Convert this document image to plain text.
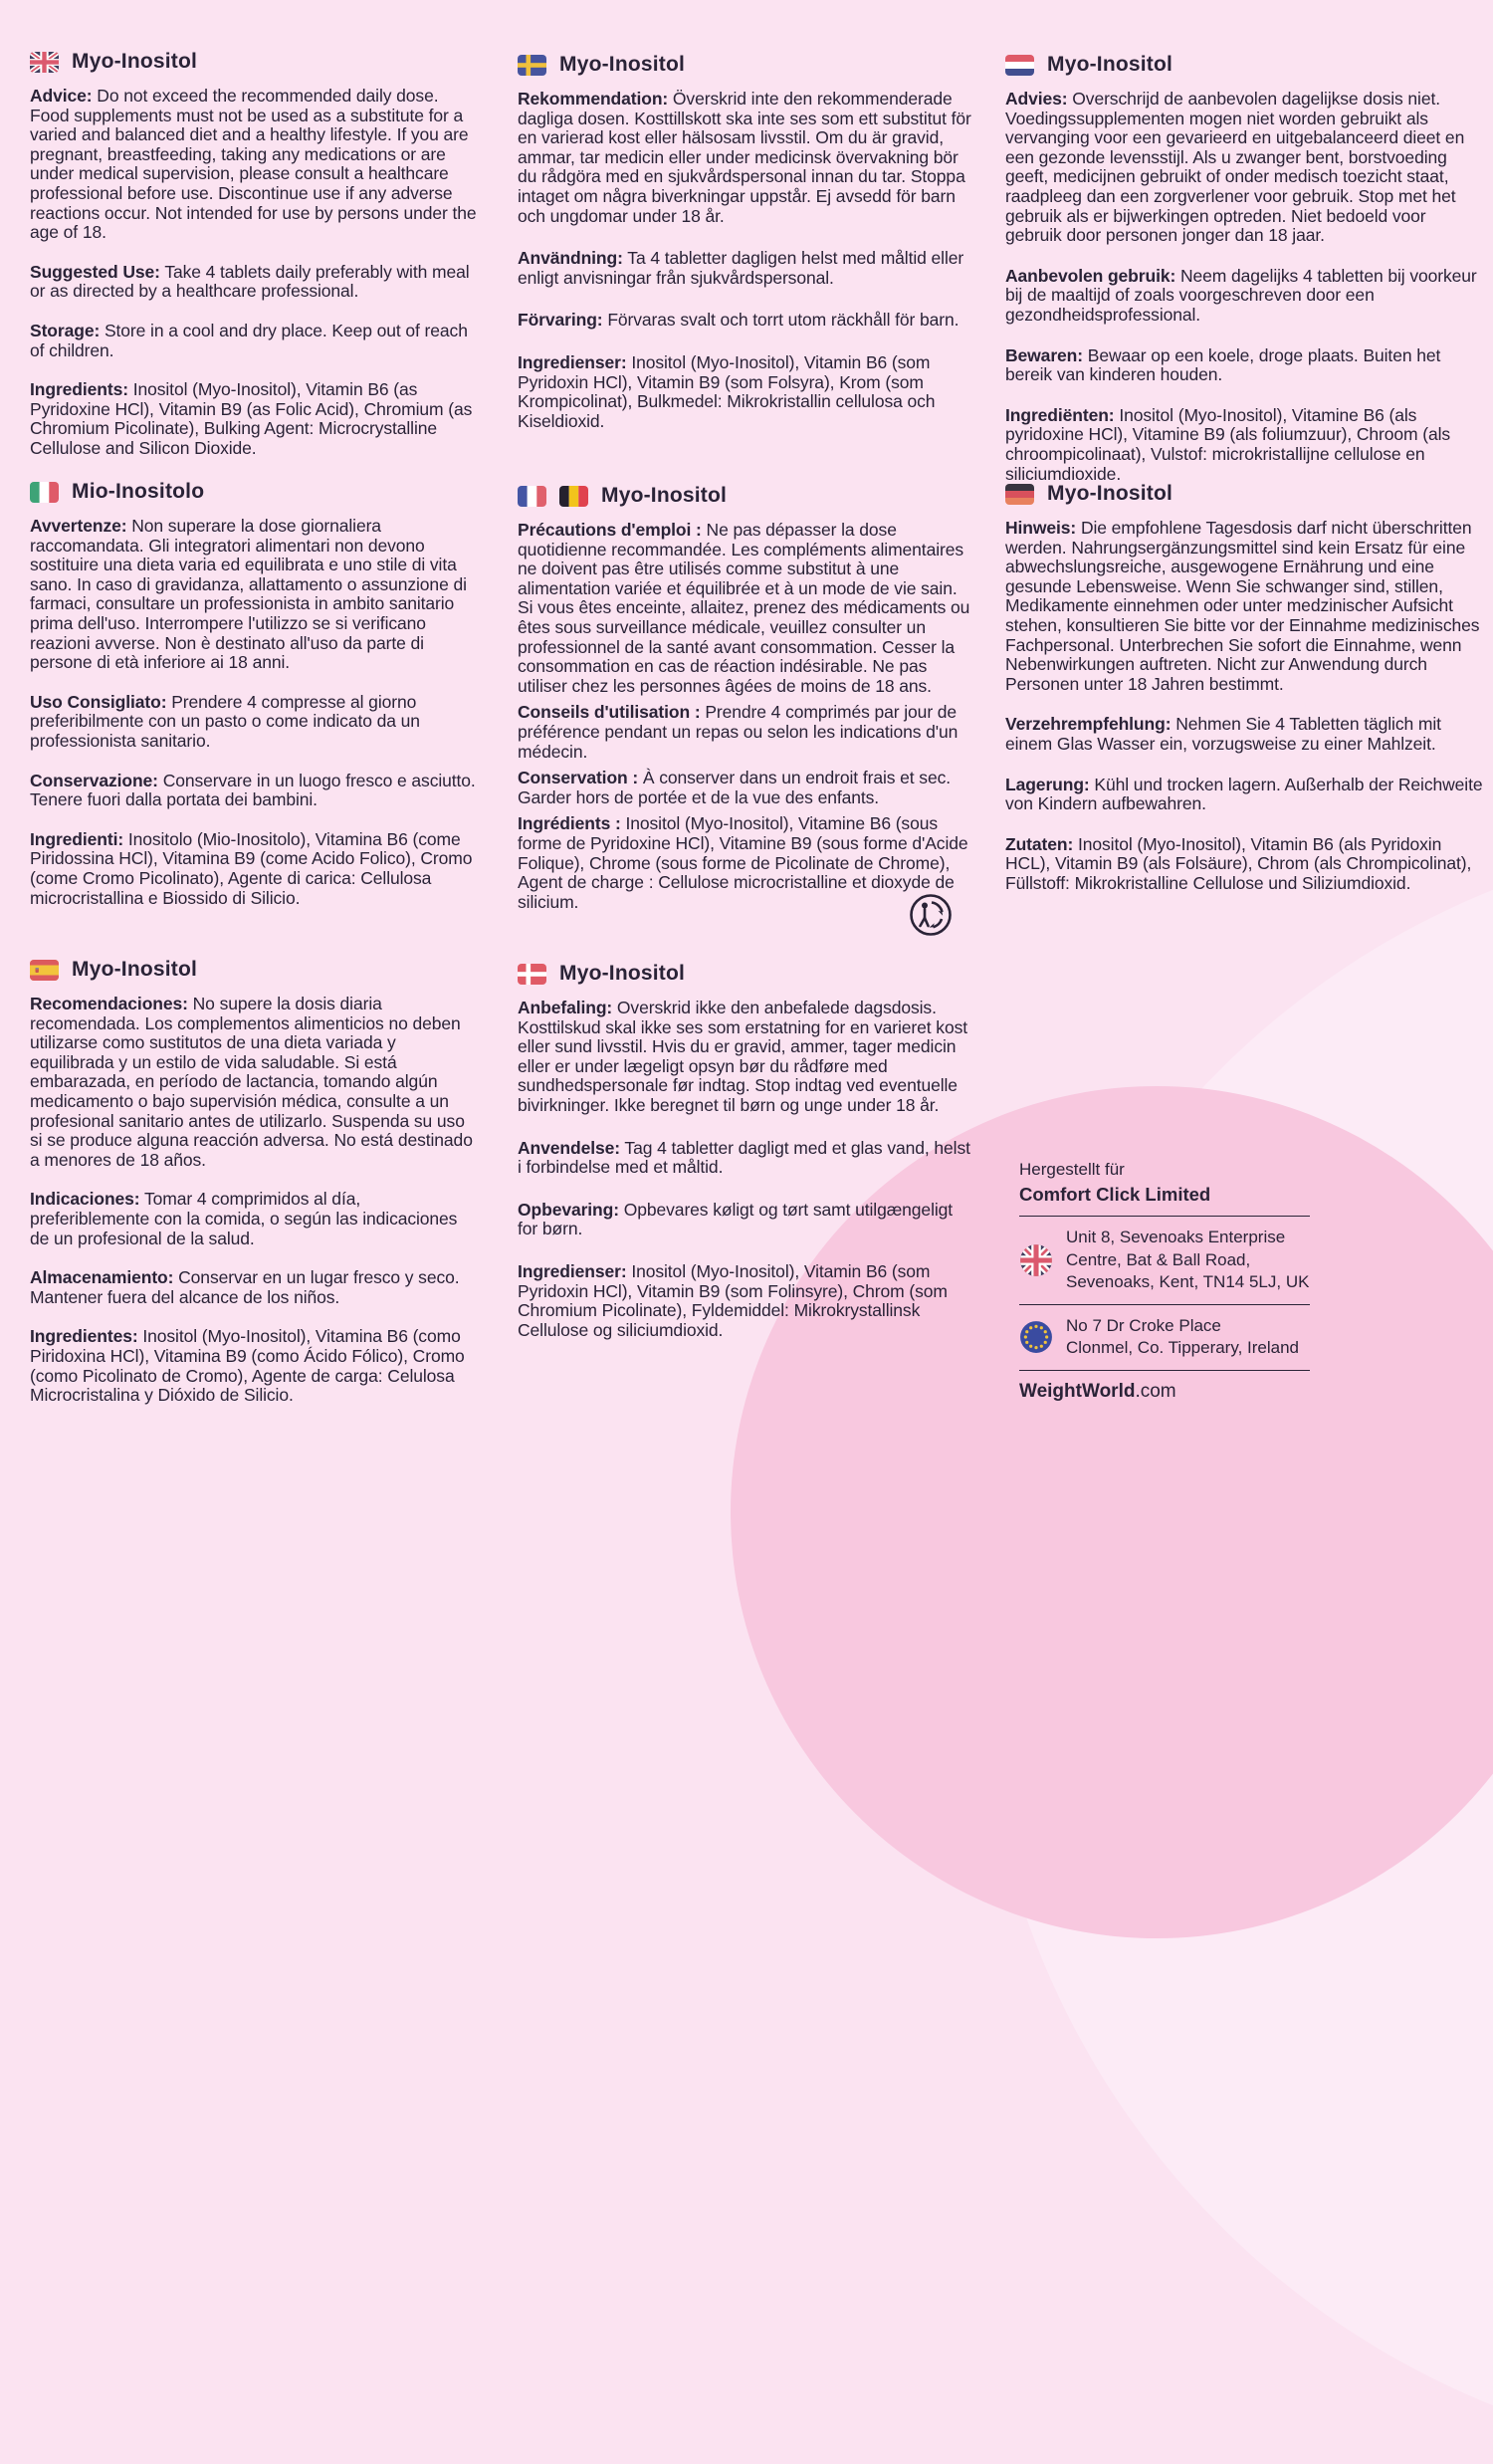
Myo-Inositol

Advice: Do not exceed the recommended daily dose. Food supplements must not be used as a substitute for a varied and balanced diet and a healthy lifestyle. If you are pregnant, breastfeeding, taking any medications or are under medical supervision, please consult a healthcare professional before use. Discontinue use if any adverse reactions occur. Not intended for use by persons under the age of 18.

Suggested Use: Take 4 tablets daily preferably with meal or as directed by a healthcare professional.

Storage: Store in a cool and dry place. Keep out of reach of children.

Ingredients: Inositol (Myo-Inositol), Vitamin B6 (as Pyridoxine HCl), Vitamin B9 (as Folic Acid), Chromium (as Chromium Picolinate), Bulking Agent: Microcrystalline Cellulose and Silicon Dioxide.

Mio-Inositolo

Avvertenze: Non superare la dose giornaliera raccomandata. Gli integratori alimentari non devono sostituire una dieta varia ed equilibrata e uno stile di vita sano. In caso di gravidanza, allattamento o assunzione di farmaci, consultare un professionista in ambito sanitario prima dell'uso. Interrompere l'utilizzo se si verificano reazioni avverse. Non è destinato all'uso da parte di persone di età inferiore ai 18 anni.

Uso Consigliato: Prendere 4 compresse al giorno preferibilmente con un pasto o come indicato da un professionista sanitario.

Conservazione: Conservare in un luogo fresco e asciutto. Tenere fuori dalla portata dei bambini.

Ingredienti: Inositolo (Mio-Inositolo), Vitamina B6 (come Piridossina HCl), Vitamina B9 (come Acido Folico), Cromo (come Cromo Picolinato), Agente di carica: Cellulosa microcristallina e Biossido di Silicio.

Myo-Inositol

Recomendaciones: No supere la dosis diaria recomendada. Los complementos alimenticios no deben utilizarse como sustitutos de una dieta variada y equilibrada y un estilo de vida saludable. Si está embarazada, en período de lactancia, tomando algún medicamento o bajo supervisión médica, consulte a un profesional sanitario antes de utilizarlo. Suspenda su uso si se produce alguna reacción adversa. No está destinado a menores de 18 años.

Indicaciones: Tomar 4 comprimidos al día, preferiblemente con la comida, o según las indicaciones de un profesional de la salud.

Almacenamiento: Conservar en un lugar fresco y seco. Mantener fuera del alcance de los niños.

Ingredientes: Inositol (Myo-Inositol), Vitamina B6 (como Piridoxina HCl), Vitamina B9 (como Ácido Fólico), Cromo (como Picolinato de Cromo), Agente de carga: Celulosa Microcristalina y Dióxido de Silicio.

Myo-Inositol

Rekommendation: Överskrid inte den rekommenderade dagliga dosen. Kosttillskott ska inte ses som ett substitut för en varierad kost eller hälsosam livsstil. Om du är gravid, ammar, tar medicin eller under medicinsk övervakning bör du rådgöra med en sjukvårdspersonal innan du tar. Stoppa intaget om några biverkningar uppstår. Ej avsedd för barn och ungdomar under 18 år.

Användning: Ta 4 tabletter dagligen helst med måltid eller enligt anvisningar från sjukvårdspersonal.

Förvaring: Förvaras svalt och torrt utom räckhåll för barn.

Ingredienser: Inositol (Myo-Inositol), Vitamin B6 (som Pyridoxin HCl), Vitamin B9 (som Folsyra), Krom (som Krompicolinat), Bulkmedel: Mikrokristallin cellulosa och Kiseldioxid.

Myo-Inositol

Précautions d'emploi : Ne pas dépasser la dose quotidienne recommandée. Les compléments alimentaires ne doivent pas être utilisés comme substitut à une alimentation variée et équilibrée et à un mode de vie sain. Si vous êtes enceinte, allaitez, prenez des médicaments ou êtes sous surveillance médicale, veuillez consulter un professionnel de la santé avant consommation. Cesser la consommation en cas de réaction indésirable. Ne pas utiliser chez les personnes âgées de moins de 18 ans.

Conseils d'utilisation : Prendre 4 comprimés par jour de préférence pendant un repas ou selon les indications d'un médecin.

Conservation : À conserver dans un endroit frais et sec. Garder hors de portée et de la vue des enfants.

Ingrédients : Inositol (Myo-Inositol), Vitamine B6 (sous forme de Pyridoxine HCl), Vitamine B9 (sous forme d'Acide Folique), Chrome (sous forme de Picolinate de Chrome), Agent de charge : Cellulose microcristalline et dioxyde de silicium.

Myo-Inositol

Anbefaling: Overskrid ikke den anbefalede dagsdosis. Kosttilskud skal ikke ses som erstatning for en varieret kost eller sund livsstil. Hvis du er gravid, ammer, tager medicin eller er under lægeligt opsyn bør du rådføre med sundhedspersonale før indtag. Stop indtag ved eventuelle bivirkninger. Ikke beregnet til børn og unge under 18 år.

Anvendelse: Tag 4 tabletter dagligt med et glas vand, helst i forbindelse med et måltid.

Opbevaring: Opbevares køligt og tørt samt utilgængeligt for børn.

Ingredienser: Inositol (Myo-Inositol), Vitamin B6 (som Pyridoxin HCl), Vitamin B9 (som Folinsyre), Chrom (som Chromium Picolinate), Fyldemiddel: Mikrokrystallinsk Cellulose og siliciumdioxid.

Myo-Inositol

Advies: Overschrijd de aanbevolen dagelijkse dosis niet. Voedingssupplementen mogen niet worden gebruikt als vervanging voor een gevarieerd en uitgebalanceerd dieet en een gezonde levensstijl. Als u zwanger bent, borstvoeding geeft, medicijnen gebruikt of onder medisch toezicht staat, raadpleeg dan een zorgverlener voor gebruik. Stop met het gebruik als er bijwerkingen optreden. Niet bedoeld voor gebruik door personen jonger dan 18 jaar.

Aanbevolen gebruik: Neem dagelijks 4 tabletten bij voorkeur bij de maaltijd of zoals voorgeschreven door een gezondheidsprofessional.

Bewaren: Bewaar op een koele, droge plaats. Buiten het bereik van kinderen houden.

Ingrediënten: Inositol (Myo-Inositol), Vitamine B6 (als pyridoxine HCl), Vitamine B9 (als foliumzuur), Chroom (als chroompicolinaat), Vulstof: microkristallijne cellulose en siliciumdioxide.

Myo-Inositol

Hinweis: Die empfohlene Tagesdosis darf nicht überschritten werden. Nahrungsergänzungsmittel sind kein Ersatz für eine abwechslungsreiche, ausgewogene Ernährung und eine gesunde Lebensweise. Wenn Sie schwanger sind, stillen, Medikamente einnehmen oder unter medzinischer Aufsicht stehen, konsultieren Sie bitte vor der Einnahme medizinisches Fachpersonal. Unterbrechen Sie sofort die Einnahme, wenn Nebenwirkungen auftreten. Nicht zur Anwendung durch Personen unter 18 Jahren bestimmt.

Verzehrempfehlung: Nehmen Sie 4 Tabletten täglich mit einem Glas Wasser ein, vorzugsweise zu einer Mahlzeit.

Lagerung: Kühl und trocken lagern. Außerhalb der Reichweite von Kindern aufbewahren.

Zutaten: Inositol (Myo-Inositol), Vitamin B6 (als Pyridoxin HCL), Vitamin B9 (als Folsäure), Chrom (als Chrompicolinat), Füllstoff: Mikrokristalline Cellulose und Siliziumdioxid.

Hergestellt für
Comfort Click Limited
Unit 8, Sevenoaks Enterprise
Centre, Bat & Ball Road,
Sevenoaks, Kent, TN14 5LJ, UK
No 7 Dr Croke Place
Clonmel, Co. Tipperary, Ireland
WeightWorld.com
